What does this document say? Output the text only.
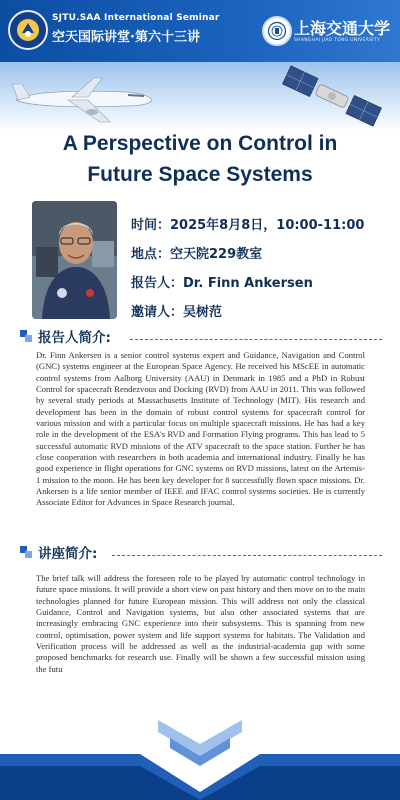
SJTU.SAA International Seminar
空天国际讲堂·第六十三讲	上海交通大学
SHANGHAI JIAO TONG UNIVERSITY
A Perspective on Control in
Future Space Systems
时间：2025年8月8日，10:00-11:00
地点：空天院229教室
报告人：Dr. Finn Ankersen
邀请人：吴树范
报告人简介:
Dr. Finn Ankersen is a senior control systems expert and Guidance, Navigation and Control (GNC) systems engineer at the European Space Agency. He received his MScEE in automatic control systems from Aalborg University (AAU) in Denmark in 1985 and a PhD in Robust Control for spacecraft Rendezvous and Docking (RVD) from AAU in 2011. This was followed by several study periods at Massachusetts Institute of Technology (MIT). His research and development has been in the domain of robust control systems for spacecraft control for various mission and with a particular focus on multiple spacecraft missions. He has had a key role in the development of the ESA's RVD and Formation Flying programs. This has lead to 5 successful automatic RVD missions of the ATV spacecraft to the space station. Further he has close cooperation with researchers in both academia and international industry. Finally he has good experience in flight operations for GNC systems on RVD missions, latest on the Artemis-1 mission to the moon. He has been key developer for 8 successfully flown space missions. Dr. Ankersen is a life senior member of IEEE and IFAC control systems societies. He is currently Associate Editor for Advances in Space Research journal.
讲座简介:
The brief talk will address the foreseen role to be played by automatic control technology in future space missions. It will provide a short view on past history and then move on to the main technologies planned for future European mission. This will address not only the classical Guidance, Control and Navigation systems, but also other associated systems that are increasingly embracing GNC experience into their subsystems. This is spanning from new control, optimisation, power system and life support systems for habitats. The Validation and Verification process will be addressed as well as the industrial-academia gap with some proposed benchmarks for research use. Finally will be shown a few successful mission using the futu
